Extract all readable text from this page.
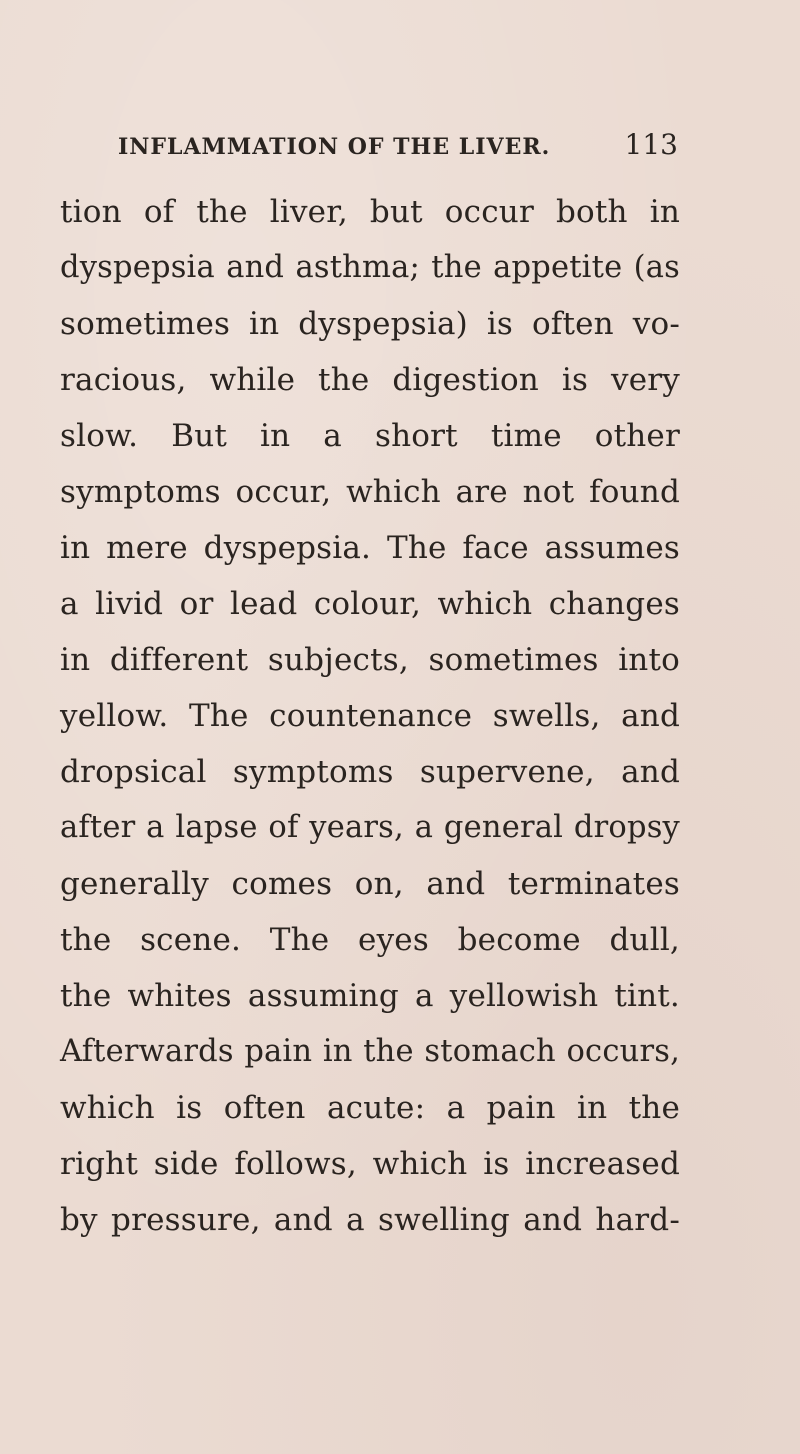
INFLAMMATION OF THE LIVER.	113
tion of the liver, but occur both in
dyspepsia and asthma; the appetite (as
sometimes in dyspepsia) is often vo-
racious, while the digestion is very
slow. But in a short time other
symptoms occur, which are not found
in mere dyspepsia. The face assumes
a livid or lead colour, which changes
in different subjects, sometimes into
yellow. The countenance swells, and
dropsical symptoms supervene, and
after a lapse of years, a general dropsy
generally comes on, and terminates
the scene. The eyes become dull,
the whites assuming a yellowish tint.
Afterwards pain in the stomach occurs,
which is often acute: a pain in the
right side follows, which is increased
by pressure, and a swelling and hard-
